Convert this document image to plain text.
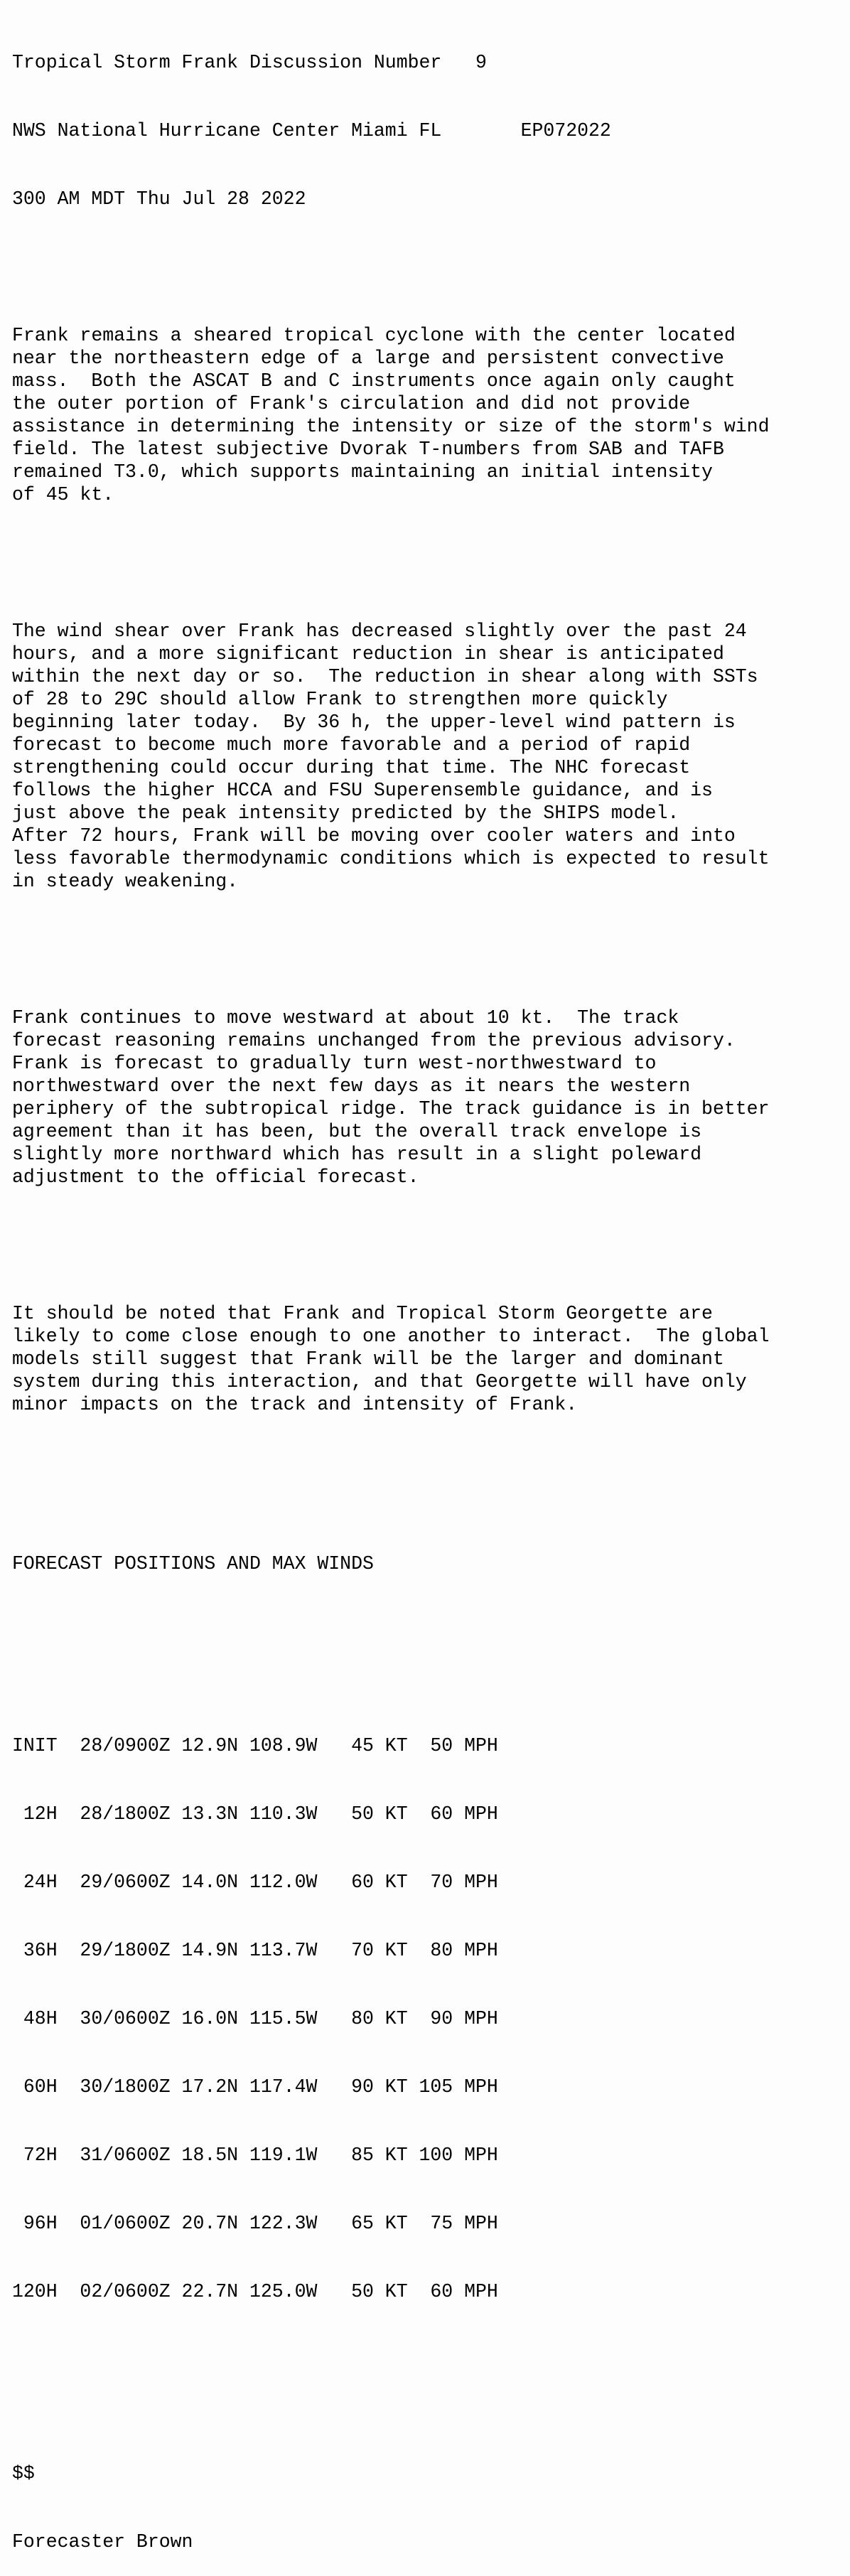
Tropical Storm Frank Discussion Number   9

NWS National Hurricane Center Miami FL       EP072022

300 AM MDT Thu Jul 28 2022

Frank remains a sheared tropical cyclone with the center located
near the northeastern edge of a large and persistent convective
mass.  Both the ASCAT B and C instruments once again only caught
the outer portion of Frank's circulation and did not provide
assistance in determining the intensity or size of the storm's wind
field. The latest subjective Dvorak T-numbers from SAB and TAFB
remained T3.0, which supports maintaining an initial intensity
of 45 kt.

The wind shear over Frank has decreased slightly over the past 24
hours, and a more significant reduction in shear is anticipated
within the next day or so.  The reduction in shear along with SSTs
of 28 to 29C should allow Frank to strengthen more quickly
beginning later today.  By 36 h, the upper-level wind pattern is
forecast to become much more favorable and a period of rapid
strengthening could occur during that time. The NHC forecast
follows the higher HCCA and FSU Superensemble guidance, and is
just above the peak intensity predicted by the SHIPS model.
After 72 hours, Frank will be moving over cooler waters and into
less favorable thermodynamic conditions which is expected to result
in steady weakening.

Frank continues to move westward at about 10 kt.  The track
forecast reasoning remains unchanged from the previous advisory.
Frank is forecast to gradually turn west-northwestward to
northwestward over the next few days as it nears the western
periphery of the subtropical ridge. The track guidance is in better
agreement than it has been, but the overall track envelope is
slightly more northward which has result in a slight poleward
adjustment to the official forecast.

It should be noted that Frank and Tropical Storm Georgette are
likely to come close enough to one another to interact.  The global
models still suggest that Frank will be the larger and dominant
system during this interaction, and that Georgette will have only
minor impacts on the track and intensity of Frank.

FORECAST POSITIONS AND MAX WINDS

INIT  28/0900Z 12.9N 108.9W   45 KT  50 MPH

12H  28/1800Z 13.3N 110.3W   50 KT  60 MPH

24H  29/0600Z 14.0N 112.0W   60 KT  70 MPH

36H  29/1800Z 14.9N 113.7W   70 KT  80 MPH

48H  30/0600Z 16.0N 115.5W   80 KT  90 MPH

60H  30/1800Z 17.2N 117.4W   90 KT 105 MPH

72H  31/0600Z 18.5N 119.1W   85 KT 100 MPH

96H  01/0600Z 20.7N 122.3W   65 KT  75 MPH

120H  02/0600Z 22.7N 125.0W   50 KT  60 MPH

$$

Forecaster Brown
